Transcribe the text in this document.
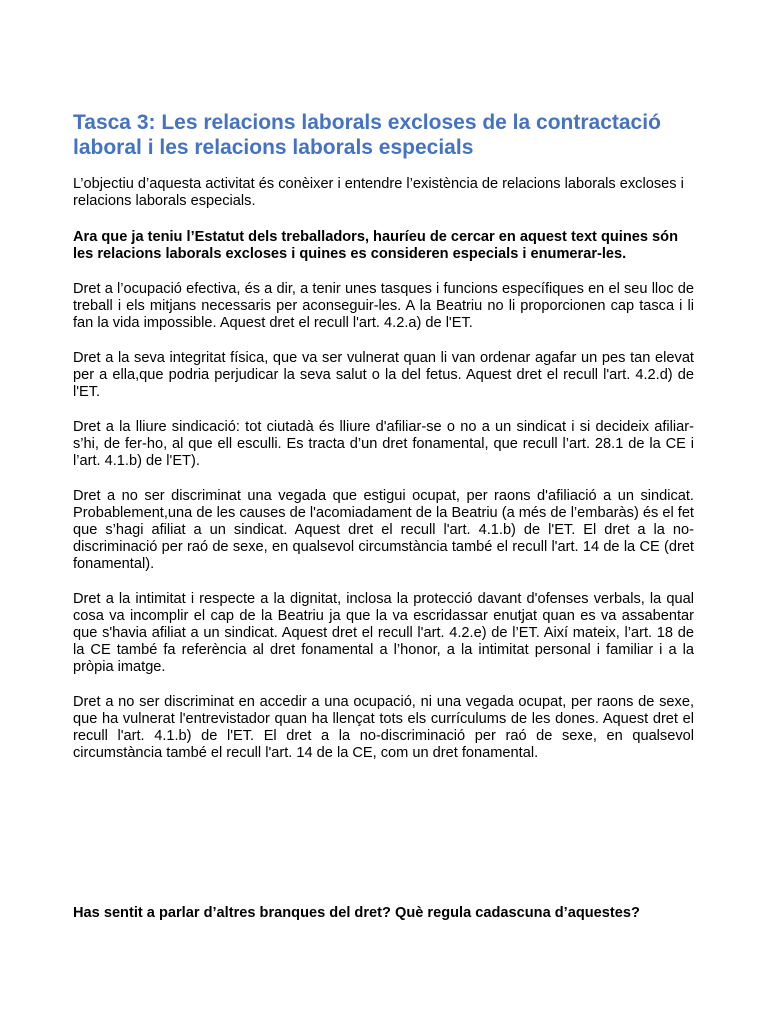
Tasca 3: Les relacions laborals excloses de la contractació laboral i les relacions laborals especials

L’objectiu d’aquesta activitat és conèixer i entendre l’existència de relacions laborals excloses i relacions laborals especials.

Ara que ja teniu l’Estatut dels treballadors, hauríeu de cercar en aquest text quines són les relacions laborals excloses i quines es consideren especials i enumerar-les.

Dret a l’ocupació efectiva, és a dir, a tenir unes tasques i funcions específiques en el seu lloc de treball i els mitjans necessaris per aconseguir-les. A la Beatriu no li proporcionen cap tasca i li fan la vida impossible. Aquest dret el recull l'art. 4.2.a) de l'ET.

Dret a la seva integritat física, que va ser vulnerat quan li van ordenar agafar un pes tan elevat per a ella,que podria perjudicar la seva salut o la del fetus. Aquest dret el recull l'art. 4.2.d) de l'ET.

Dret a la lliure sindicació: tot ciutadà és lliure d'afiliar-se o no a un sindicat i si decideix afiliar-s’hi, de fer-ho, al que ell esculli. Es tracta d’un dret fonamental, que recull l’art. 28.1 de la CE i l’art. 4.1.b) de l'ET).

Dret a no ser discriminat una vegada que estigui ocupat, per raons d'afiliació a un sindicat. Probablement,una de les causes de l'acomiadament de la Beatriu (a més de l’embaràs) és el fet que s’hagi afiliat a un sindicat. Aquest dret el recull l'art. 4.1.b) de l'ET. El dret a la no-discriminació per raó de sexe, en qualsevol circumstància també el recull l'art. 14 de la CE (dret fonamental).

Dret a la intimitat i respecte a la dignitat, inclosa la protecció davant d'ofenses verbals, la qual cosa va incomplir el cap de la Beatriu ja que la va escridassar enutjat quan es va assabentar que s'havia afiliat a un sindicat. Aquest dret el recull l'art. 4.2.e) de l’ET. Així mateix, l’art. 18 de la CE també fa referència al dret fonamental a l’honor, a la intimitat personal i familiar i a la pròpia imatge.

Dret a no ser discriminat en accedir a una ocupació, ni una vegada ocupat, per raons de sexe, que ha vulnerat l'entrevistador quan ha llençat tots els currículums de les dones. Aquest dret el recull l'art. 4.1.b) de l'ET. El dret a la no-discriminació per raó de sexe, en qualsevol circumstància també el recull l'art. 14 de la CE, com un dret fonamental.

Has sentit a parlar d’altres branques del dret? Què regula cadascuna d’aquestes?
